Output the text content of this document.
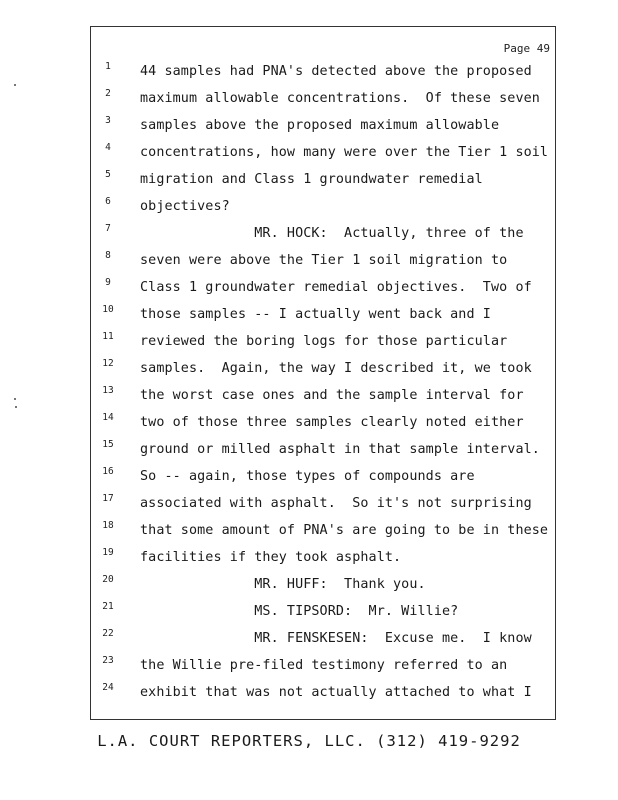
Page 49
1	44 samples had PNA's detected above the proposed
2	maximum allowable concentrations.  Of these seven
3	samples above the proposed maximum allowable
4	concentrations, how many were over the Tier 1 soil
5	migration and Class 1 groundwater remedial
6	objectives?
7	MR. HOCK:  Actually, three of the
8	seven were above the Tier 1 soil migration to
9	Class 1 groundwater remedial objectives.  Two of
10	those samples -- I actually went back and I
11	reviewed the boring logs for those particular
12	samples.  Again, the way I described it, we took
13	the worst case ones and the sample interval for
14	two of those three samples clearly noted either
15	ground or milled asphalt in that sample interval.
16	So -- again, those types of compounds are
17	associated with asphalt.  So it's not surprising
18	that some amount of PNA's are going to be in these
19	facilities if they took asphalt.
20	MR. HUFF:  Thank you.
21	MS. TIPSORD:  Mr. Willie?
22	MR. FENSKESEN:  Excuse me.  I know
23	the Willie pre-filed testimony referred to an
24	exhibit that was not actually attached to what I
L.A. COURT REPORTERS, LLC. (312) 419-9292
